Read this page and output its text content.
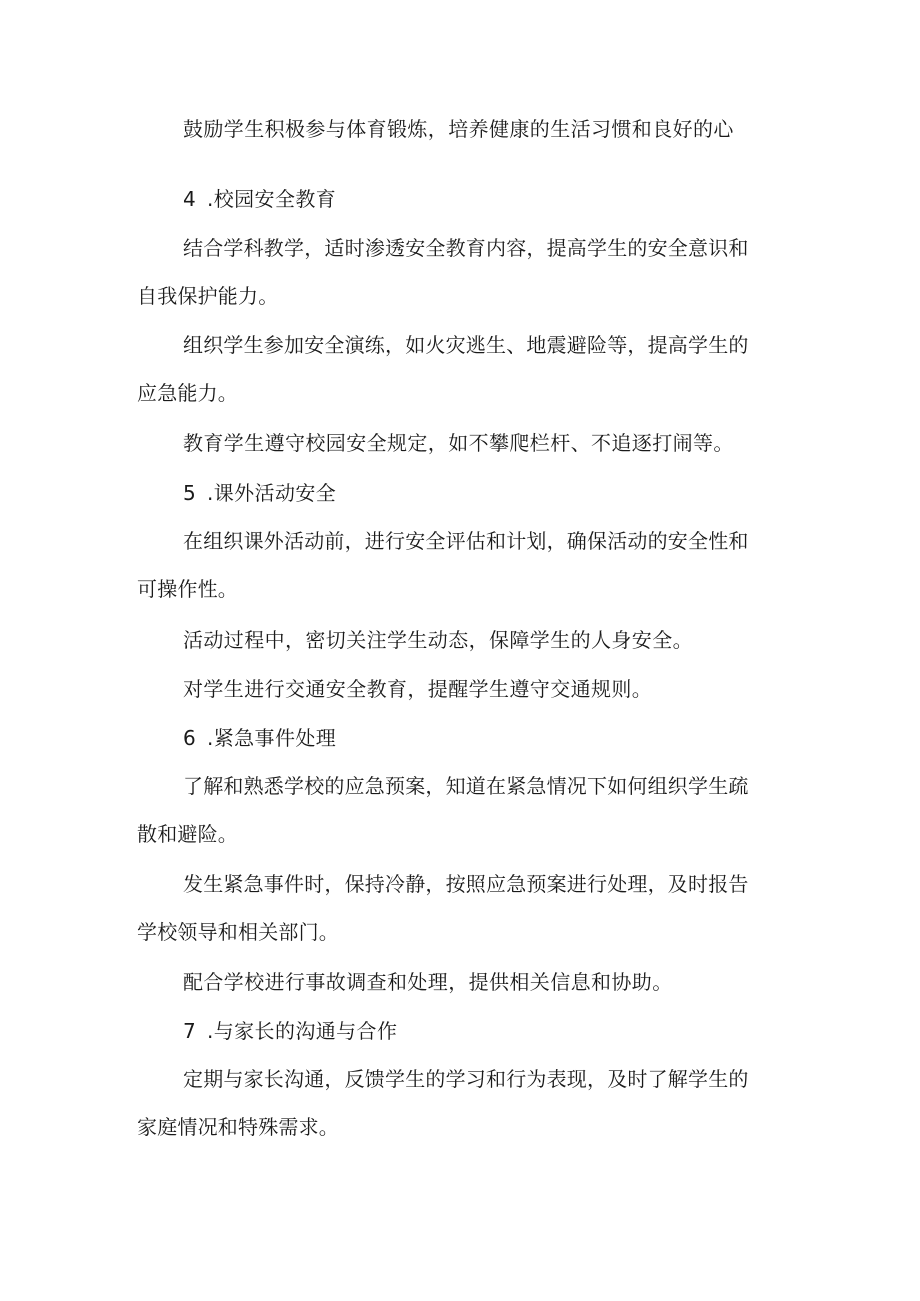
鼓励学生积极参与体育锻炼，培养健康的生活习惯和良好的心
4 .校园安全教育
结合学科教学，适时渗透安全教育内容，提高学生的安全意识和自我保护能力。
组织学生参加安全演练，如火灾逃生、地震避险等，提高学生的应急能力。
教育学生遵守校园安全规定，如不攀爬栏杆、不追逐打闹等。
5 .课外活动安全
在组织课外活动前，进行安全评估和计划，确保活动的安全性和可操作性。
活动过程中，密切关注学生动态，保障学生的人身安全。
对学生进行交通安全教育，提醒学生遵守交通规则。
6 .紧急事件处理
了解和熟悉学校的应急预案，知道在紧急情况下如何组织学生疏散和避险。
发生紧急事件时，保持冷静，按照应急预案进行处理，及时报告学校领导和相关部门。
配合学校进行事故调查和处理，提供相关信息和协助。
7 .与家长的沟通与合作
定期与家长沟通，反馈学生的学习和行为表现，及时了解学生的家庭情况和特殊需求。
